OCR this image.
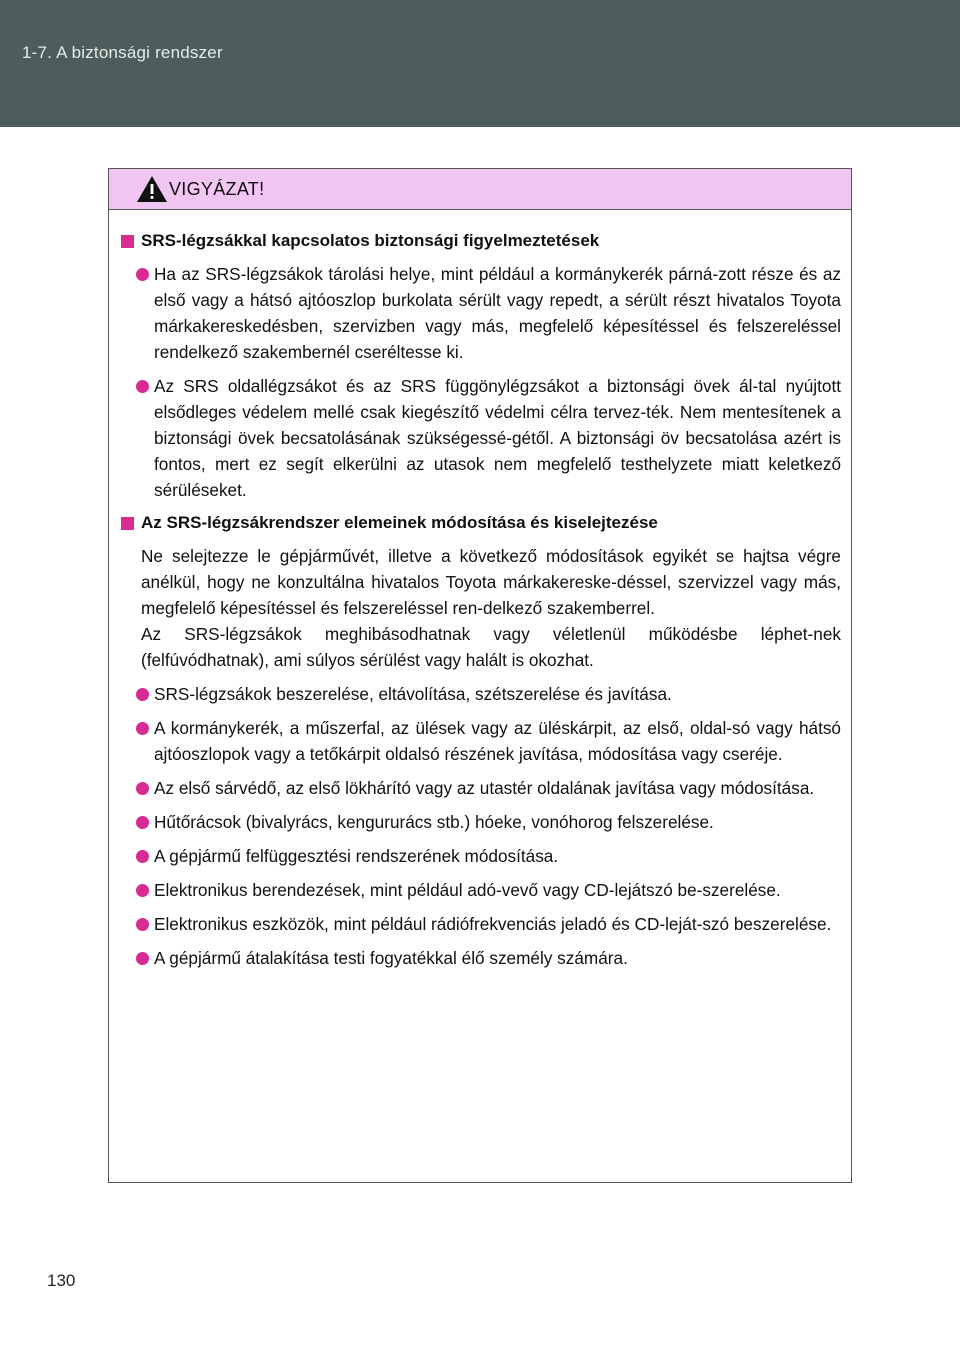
1-7. A biztonsági rendszer
VIGYÁZAT!
SRS-légzsákkal kapcsolatos biztonsági figyelmeztetések
Ha az SRS-légzsákok tárolási helye, mint például a kormánykerék párná-zott része és az első vagy a hátsó ajtóoszlop burkolata sérült vagy repedt, a sérült részt hivatalos Toyota márkakereskedésben, szervizben vagy más, megfelelő képesítéssel és felszereléssel rendelkező szakembernél cseréltesse ki.
Az SRS oldallégzsákot és az SRS függönylégzsákot a biztonsági övek ál-tal nyújtott elsődleges védelem mellé csak kiegészítő védelmi célra tervez-ték. Nem mentesítenek a biztonsági övek becsatolásának szükségessé-gétől. A biztonsági öv becsatolása azért is fontos, mert ez segít elkerülni az utasok nem megfelelő testhelyzete miatt keletkező sérüléseket.
Az SRS-légzsákrendszer elemeinek módosítása és kiselejtezése
Ne selejtezze le gépjárművét, illetve a következő módosítások egyikét se hajtsa végre anélkül, hogy ne konzultálna hivatalos Toyota márkakereske-déssel, szervizzel vagy más, megfelelő képesítéssel és felszereléssel ren-delkező szakemberrel.
Az SRS-légzsákok meghibásodhatnak vagy véletlenül működésbe léphet-nek (felfúvódhatnak), ami súlyos sérülést vagy halált is okozhat.
SRS-légzsákok beszerelése, eltávolítása, szétszerelése és javítása.
A kormánykerék, a műszerfal, az ülések vagy az üléskárpit, az első, oldal-só vagy hátsó ajtóoszlopok vagy a tetőkárpit oldalsó részének javítása, módosítása vagy cseréje.
Az első sárvédő, az első lökhárító vagy az utastér oldalának javítása vagy módosítása.
Hűtőrácsok (bivalyrács, kengururács stb.) hóeke, vonóhorog felszerelése.
A gépjármű felfüggesztési rendszerének módosítása.
Elektronikus berendezések, mint például adó-vevő vagy CD-lejátszó be-szerelése.
Elektronikus eszközök, mint például rádiófrekvenciás jeladó és CD-leját-szó beszerelése.
A gépjármű átalakítása testi fogyatékkal élő személy számára.
130
